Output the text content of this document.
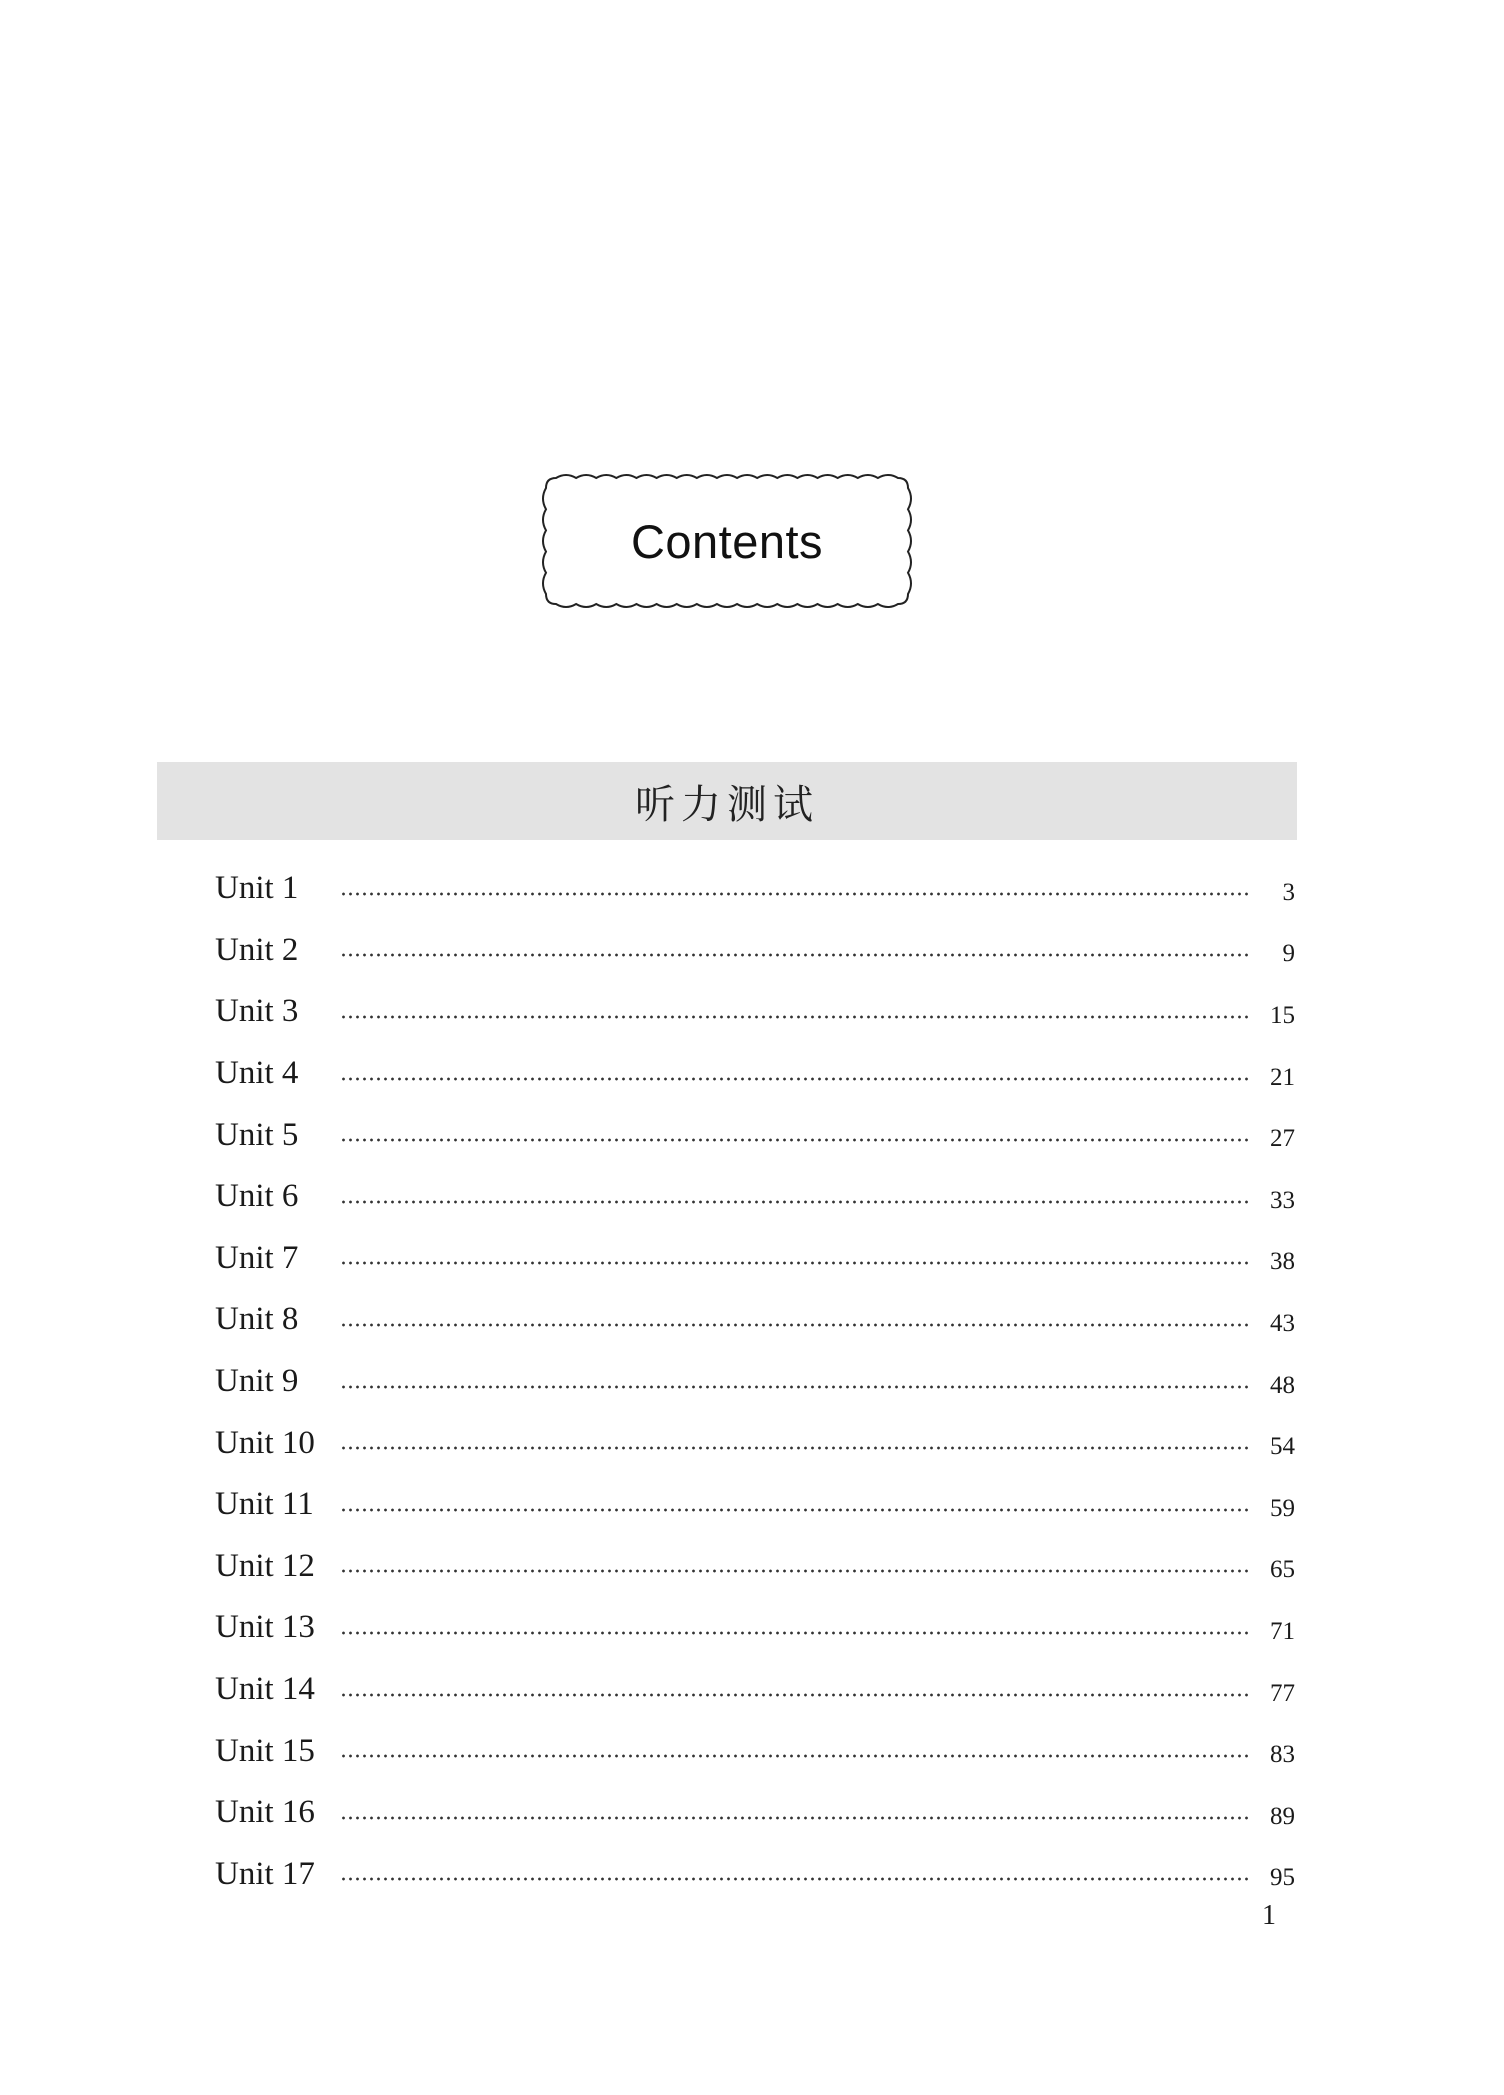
Contents
听力测试
Unit 1	3
Unit 2	9
Unit 3	15
Unit 4	21
Unit 5	27
Unit 6	33
Unit 7	38
Unit 8	43
Unit 9	48
Unit 10	54
Unit 11	59
Unit 12	65
Unit 13	71
Unit 14	77
Unit 15	83
Unit 16	89
Unit 17	95
1
